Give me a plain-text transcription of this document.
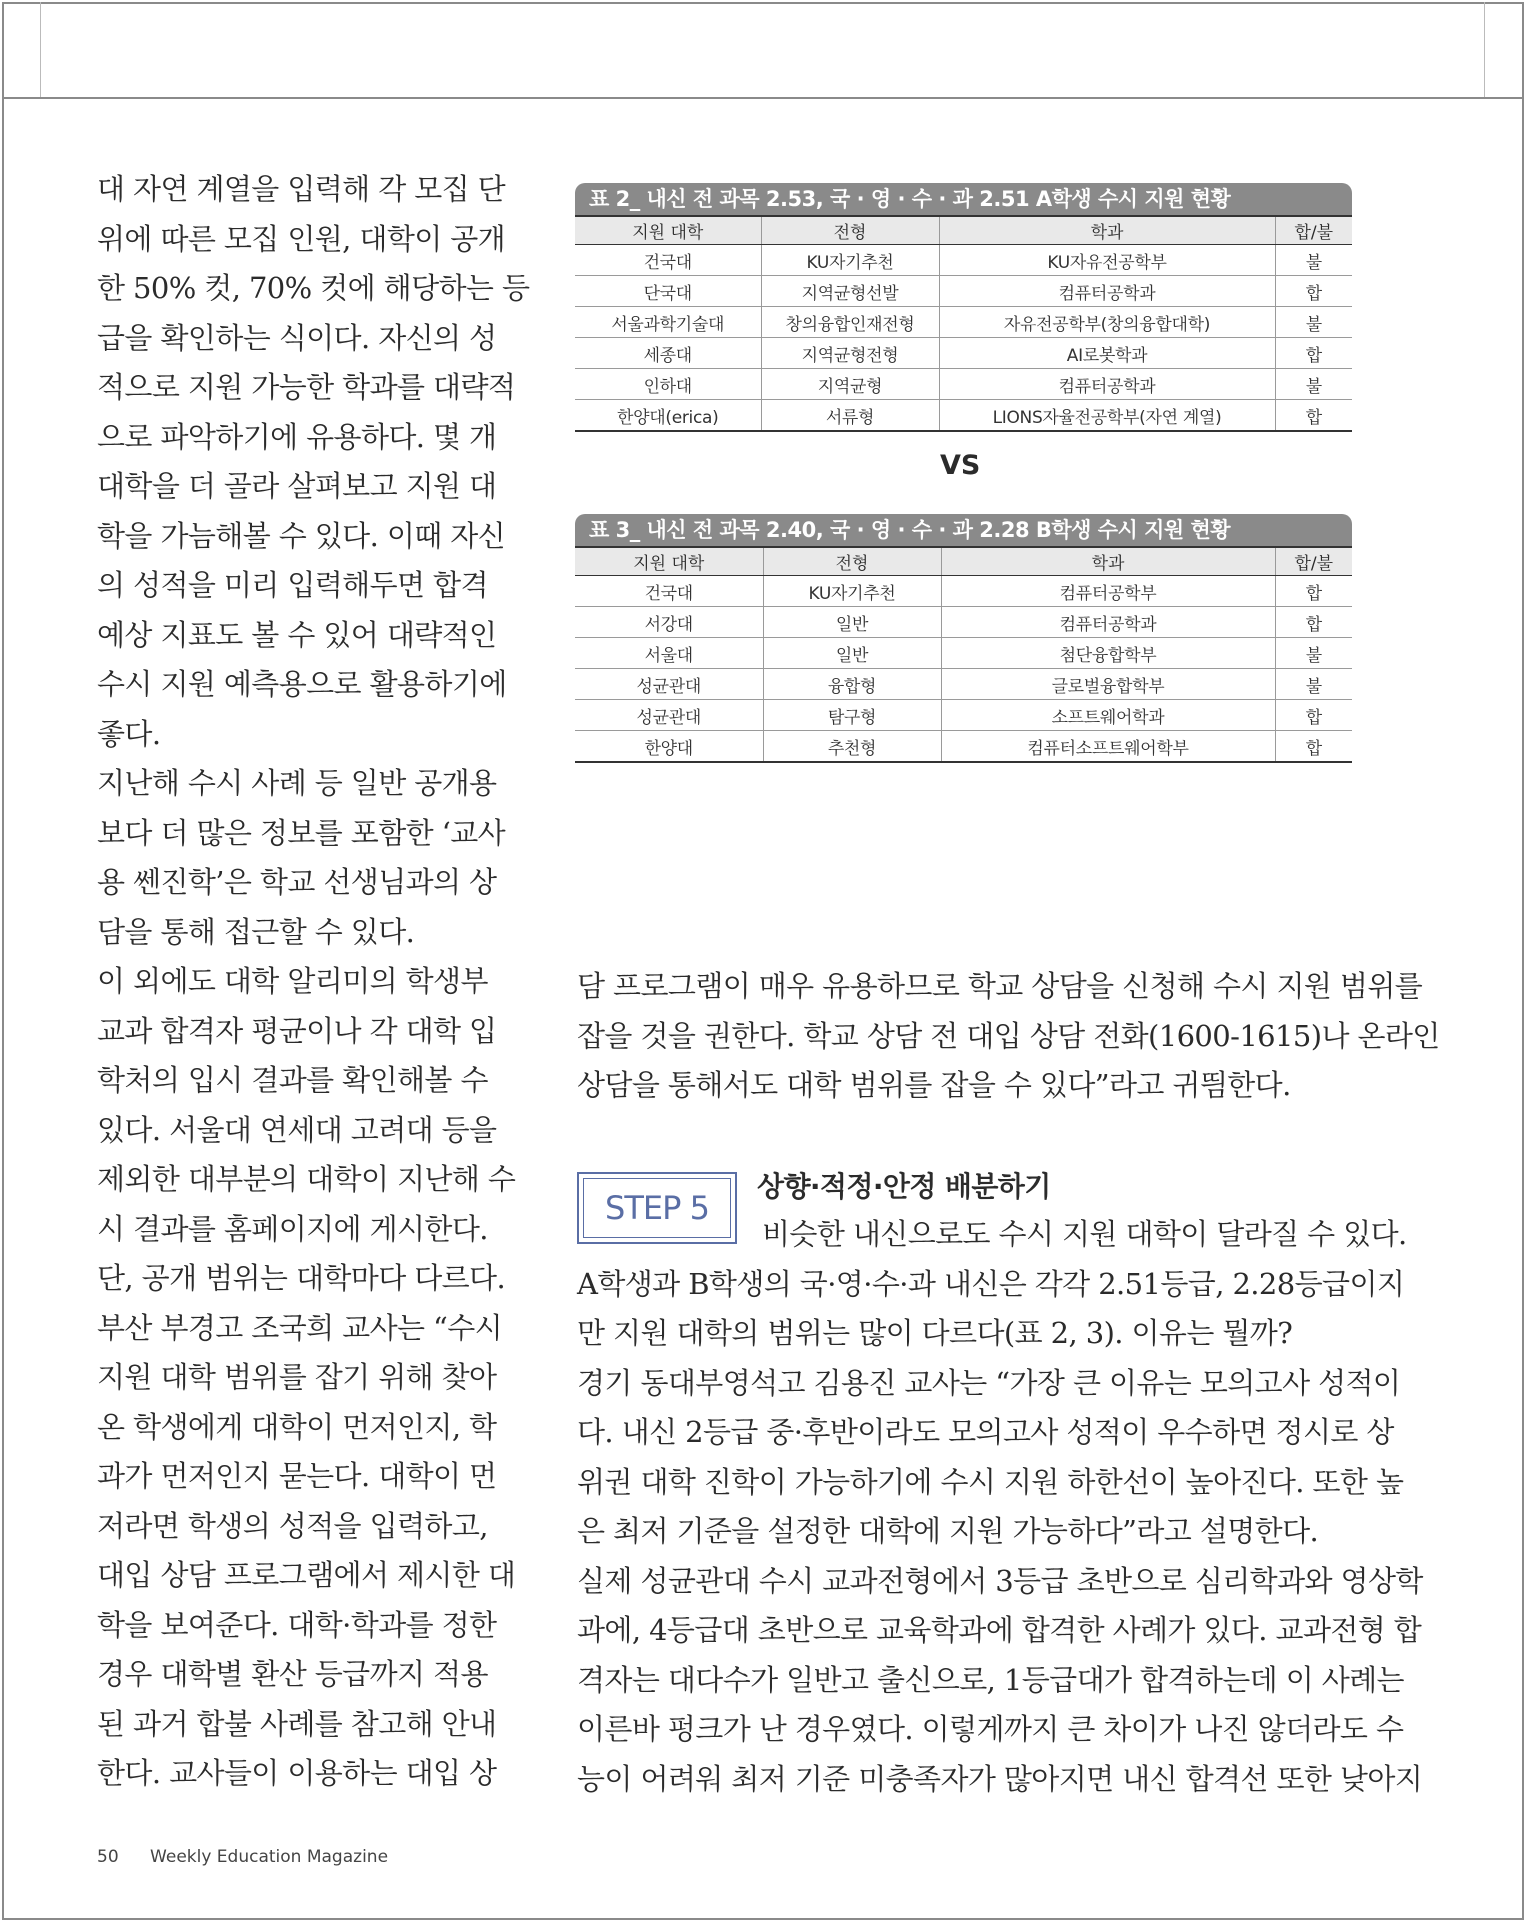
대 자연 계열을 입력해 각 모집 단

위에 따른 모집 인원, 대학이 공개

한 50% 컷, 70% 컷에 해당하는 등

급을 확인하는 식이다. 자신의 성

적으로 지원 가능한 학과를 대략적

으로 파악하기에 유용하다. 몇 개

대학을 더 골라 살펴보고 지원 대

학을 가늠해볼 수 있다. 이때 자신

의 성적을 미리 입력해두면 합격

예상 지표도 볼 수 있어 대략적인

수시 지원 예측용으로 활용하기에

좋다.

지난해 수시 사례 등 일반 공개용

보다 더 많은 정보를 포함한 ‘교사

용 쎈진학’은 학교 선생님과의 상

담을 통해 접근할 수 있다.

이 외에도 대학 알리미의 학생부

교과 합격자 평균이나 각 대학 입

학처의 입시 결과를 확인해볼 수

있다. 서울대 연세대 고려대 등을

제외한 대부분의 대학이 지난해 수

시 결과를 홈페이지에 게시한다.

단, 공개 범위는 대학마다 다르다.

부산 부경고 조국희 교사는 “수시

지원 대학 범위를 잡기 위해 찾아

온 학생에게 대학이 먼저인지, 학

과가 먼저인지 묻는다. 대학이 먼

저라면 학생의 성적을 입력하고,

대입 상담 프로그램에서 제시한 대

학을 보여준다. 대학·학과를 정한

경우 대학별 환산 등급까지 적용

된 과거 합불 사례를 참고해 안내

한다. 교사들이 이용하는 대입 상

표 2_ 내신 전 과목 2.53, 국 · 영 · 수 · 과 2.51 A학생 수시 지원 현황
지원 대학	전형	학과	합/불
건국대	KU자기추천	KU자유전공학부	불
단국대	지역균형선발	컴퓨터공학과	합
서울과학기술대	창의융합인재전형	자유전공학부(창의융합대학)	불
세종대	지역균형전형	AI로봇학과	합
인하대	지역균형	컴퓨터공학과	불
한양대(erica)	서류형	LIONS자율전공학부(자연 계열)	합
VS
표 3_ 내신 전 과목 2.40, 국 · 영 · 수 · 과 2.28 B학생 수시 지원 현황
지원 대학	전형	학과	합/불
건국대	KU자기추천	컴퓨터공학부	합
서강대	일반	컴퓨터공학과	합
서울대	일반	첨단융합학부	불
성균관대	융합형	글로벌융합학부	불
성균관대	탐구형	소프트웨어학과	합
한양대	추천형	컴퓨터소프트웨어학부	합

담 프로그램이 매우 유용하므로 학교 상담을 신청해 수시 지원 범위를

잡을 것을 권한다. 학교 상담 전 대입 상담 전화(1600-1615)나 온라인

상담을 통해서도 대학 범위를 잡을 수 있다”라고 귀띔한다.

STEP 5
상향·적정·안정 배분하기

비슷한 내신으로도 수시 지원 대학이 달라질 수 있다.

A학생과 B학생의 국·영·수·과 내신은 각각 2.51등급, 2.28등급이지

만 지원 대학의 범위는 많이 다르다(표 2, 3). 이유는 뭘까?

경기 동대부영석고 김용진 교사는 “가장 큰 이유는 모의고사 성적이

다. 내신 2등급 중·후반이라도 모의고사 성적이 우수하면 정시로 상

위권 대학 진학이 가능하기에 수시 지원 하한선이 높아진다. 또한 높

은 최저 기준을 설정한 대학에 지원 가능하다”라고 설명한다.

실제 성균관대 수시 교과전형에서 3등급 초반으로 심리학과와 영상학

과에, 4등급대 초반으로 교육학과에 합격한 사례가 있다. 교과전형 합

격자는 대다수가 일반고 출신으로, 1등급대가 합격하는데 이 사례는

이른바 펑크가 난 경우였다. 이렇게까지 큰 차이가 나진 않더라도 수

능이 어려워 최저 기준 미충족자가 많아지면 내신 합격선 또한 낮아지

50 Weekly Education Magazine
